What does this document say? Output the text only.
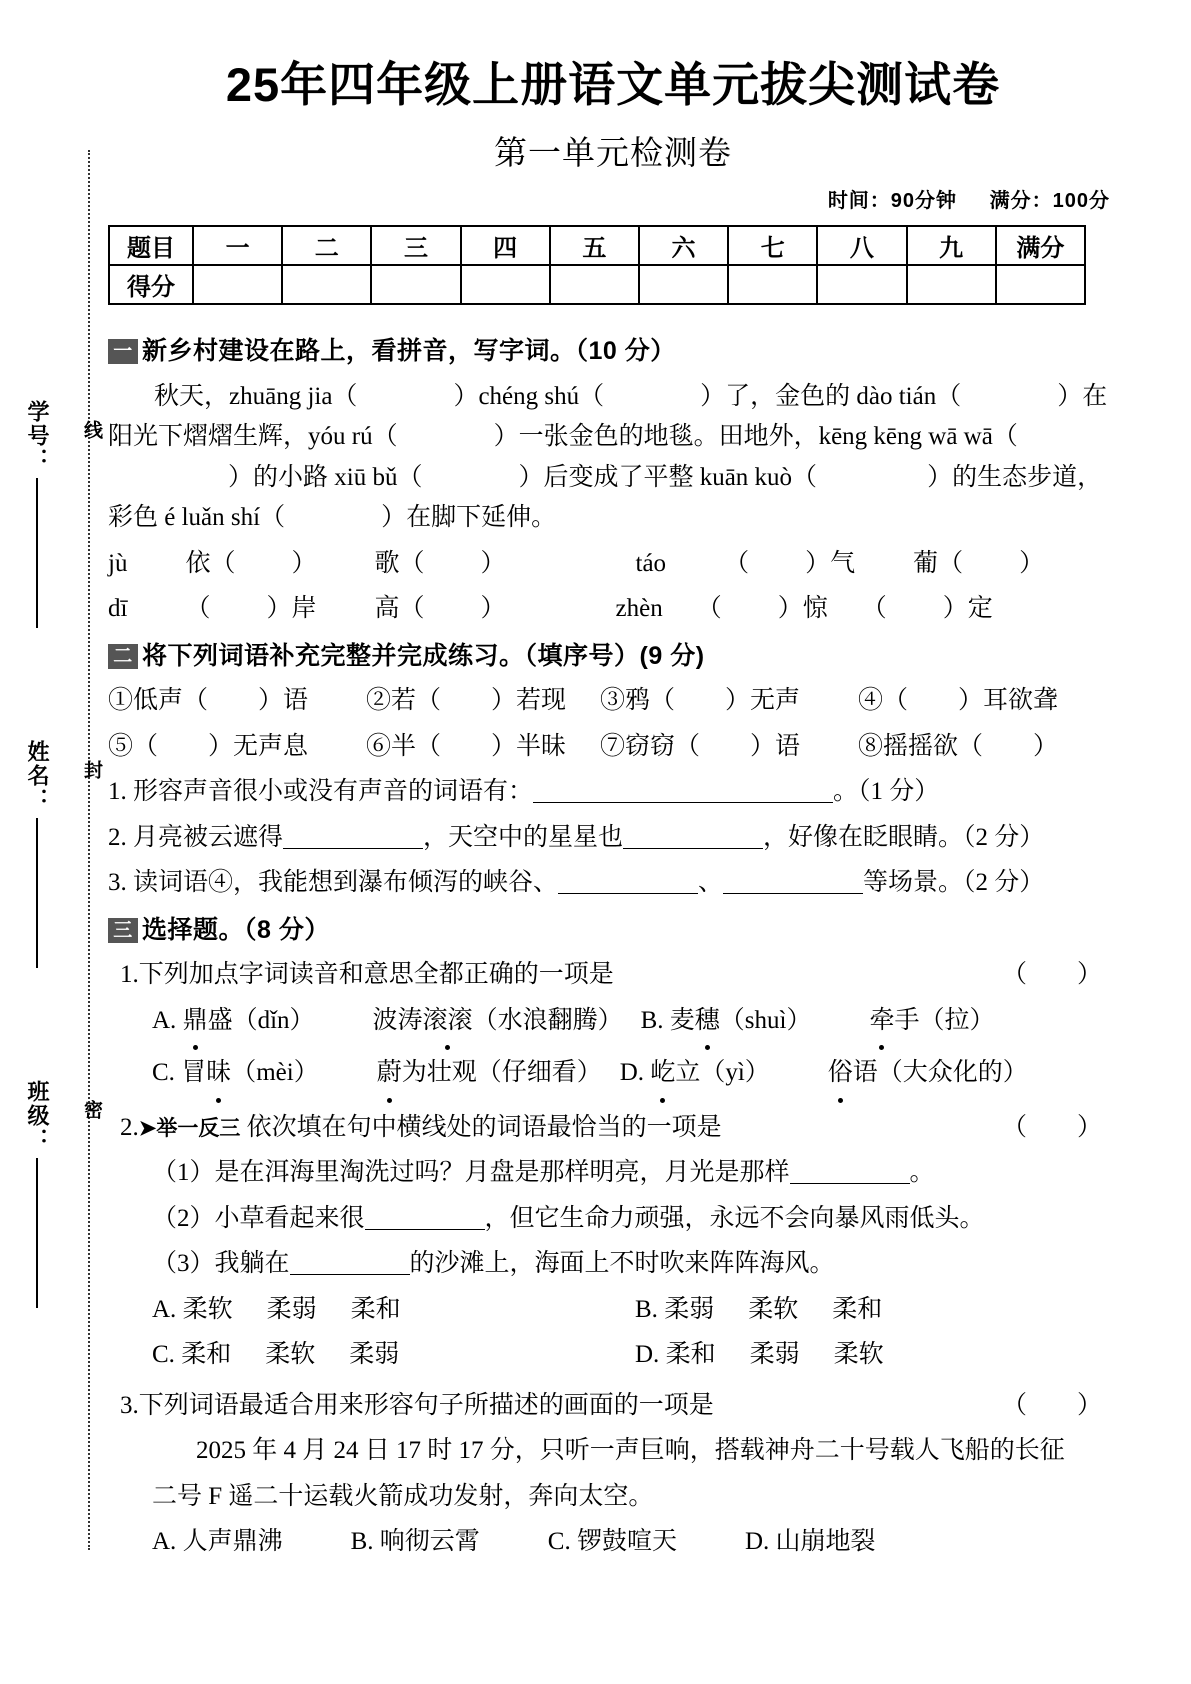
学号：
姓名：
班级：
线
封
密
25年四年级上册语文单元拔尖测试卷
第一单元检测卷
时间：90分钟 满分：100分
题目	一	二	三	四	五	六	七	八	九	满分
得分										
一 新乡村建设在路上，看拼音，写字词。（10 分）
秋天，zhuāng jia（	）chéng shú（	）了，金色的 dào tián（	）在阳光下熠熠生辉，yóu rú（	）一张金色的地毯。田地外，kēng kēng wā wā（）的小路 xiū bǔ（	）后变成了平整 kuān kuò（	）的生态步道，彩色 é luǎn shí（	）在脚下延伸。
jù 依（ ） 歌（ ）	táo （ ）气 葡（ ）
dī （ ）岸 高（ ）	zhèn （ ）惊 （ ）定
二 将下列词语补充完整并完成练习。（填序号）(9 分)
①低声（　　）语 ②若（　　）若现 ③鸦（　　）无声 ④（　　）耳欲聋
⑤（　　）无声息 ⑥半（　　）半昧 ⑦窃窃（　　）语 ⑧摇摇欲（　　）
1. 形容声音很小或没有声音的词语有：	。（1 分）
2. 月亮被云遮得	，天空中的星星也	，好像在眨眼睛。（2 分）
3. 读词语④，我能想到瀑布倾泻的峡谷、	、	等场景。（2 分）
三 选择题。（8 分）
1.下列加点字词读音和意思全都正确的一项是	（　　）
A. 鼎盛（dǐn） 波涛滚滚（水浪翻腾） B. 麦穗（shuì） 牵手（拉）
C. 冒昧（mèi） 蔚为壮观（仔细看） D. 屹立（yì） 俗语（大众化的）
2.➤举一反三 依次填在句中横线处的词语最恰当的一项是	（　　）
（1）是在洱海里淘洗过吗？月盘是那样明亮，月光是那样	。
（2）小草看起来很	，但它生命力顽强，永远不会向暴风雨低头。
（3）我躺在	的沙滩上，海面上不时吹来阵阵海风。
A. 柔软 柔弱 柔和	B. 柔弱 柔软 柔和
C. 柔和 柔软 柔弱	D. 柔和 柔弱 柔软
3.下列词语最适合用来形容句子所描述的画面的一项是	（　　）
2025 年 4 月 24 日 17 时 17 分，只听一声巨响，搭载神舟二十号载人飞船的长征
二号 F 遥二十运载火箭成功发射，奔向太空。
A. 人声鼎沸	B. 响彻云霄	C. 锣鼓喧天	D. 山崩地裂
